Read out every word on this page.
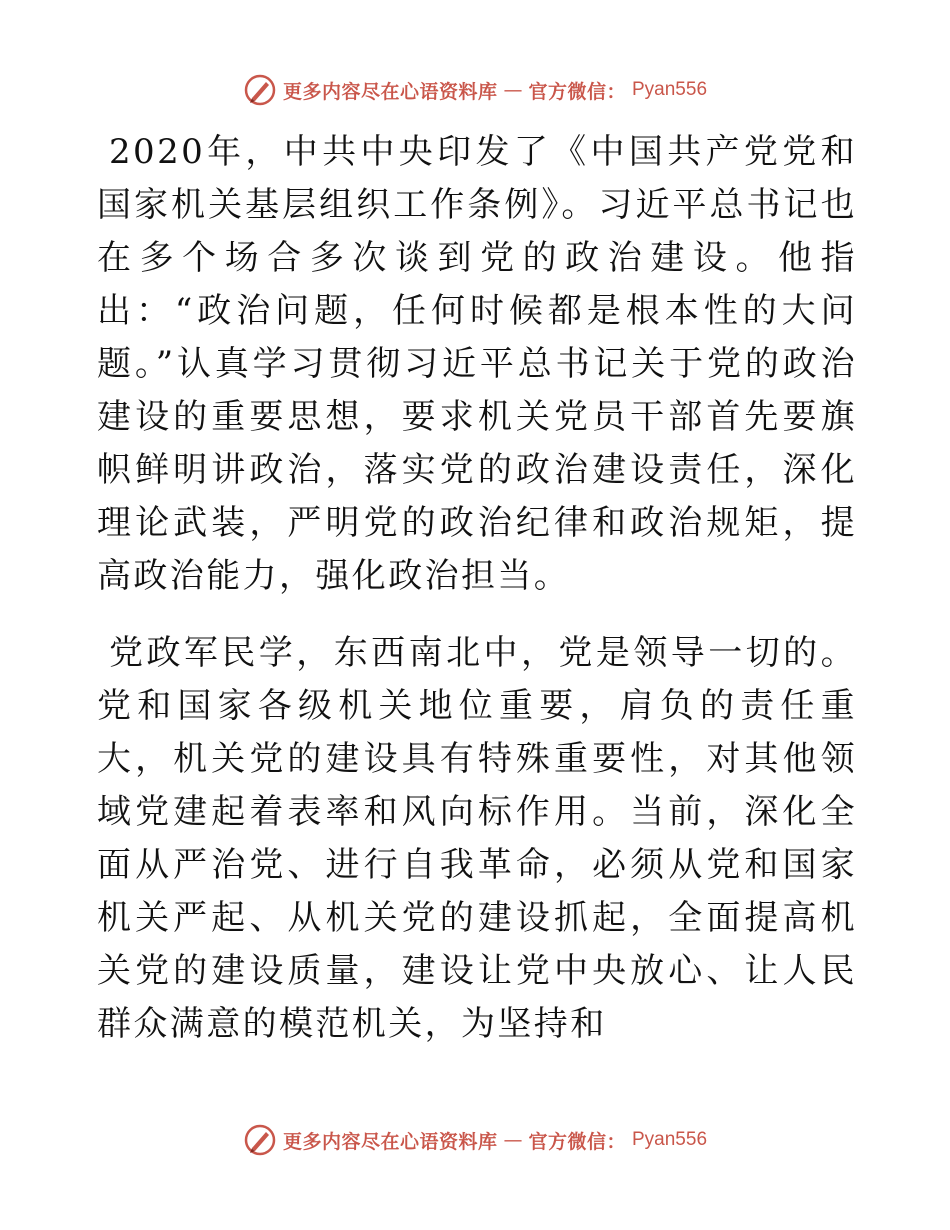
更多内容尽在心语资料库 — 官方微信： Pyan556

2020年，中共中央印发了《中国共产党党和国家机关基层组织工作条例》。习近平总书记也在多个场合多次谈到党的政治建设。他指出：“政治问题，任何时候都是根本性的大问题。”认真学习贯彻习近平总书记关于党的政治建设的重要思想，要求机关党员干部首先要旗帜鲜明讲政治，落实党的政治建设责任，深化理论武装，严明党的政治纪律和政治规矩，提高政治能力，强化政治担当。

党政军民学，东西南北中，党是领导一切的。党和国家各级机关地位重要，肩负的责任重大，机关党的建设具有特殊重要性，对其他领域党建起着表率和风向标作用。当前，深化全面从严治党、进行自我革命，必须从党和国家机关严起、从机关党的建设抓起，全面提高机关党的建设质量，建设让党中央放心、让人民群众满意的模范机关，为坚持和

更多内容尽在心语资料库 — 官方微信： Pyan556
